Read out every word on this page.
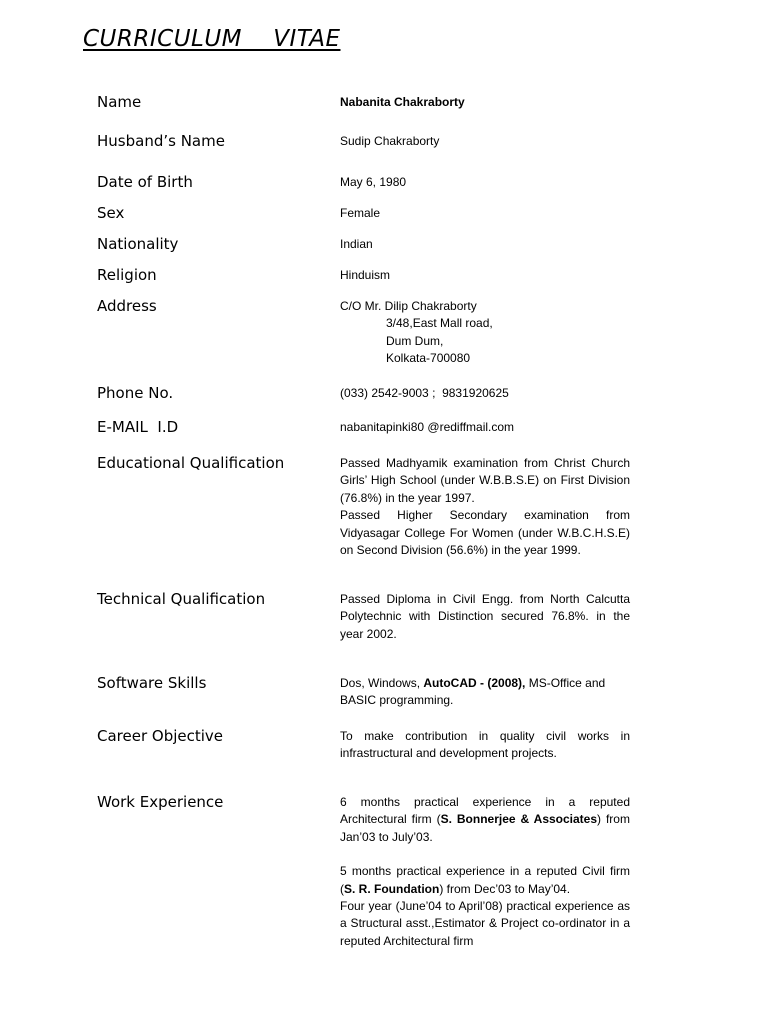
CURRICULUM    VITAE
Name	Nabanita Chakraborty
Husband’s Name	Sudip Chakraborty
Date of Birth	May 6, 1980
Sex	Female
Nationality	Indian
Religion	Hinduism
Address	C/O Mr. Dilip Chakraborty
3/48,East Mall road,
Dum Dum,
Kolkata-700080
Phone No.	(033) 2542-9003 ;  9831920625
E-MAIL  I.D	nabanitapinki80 @rediffmail.com
Educational Qualification	Passed Madhyamik examination from Christ Church Girls’ High School (under W.B.B.S.E) on First Division (76.8%) in the year 1997.

Passed Higher Secondary examination from Vidyasagar College For Women (under W.B.C.H.S.E) on Second Division (56.6%) in the year 1999.

Technical Qualification	Passed Diploma in Civil Engg. from North Calcutta Polytechnic with Distinction secured 76.8%. in the year 2002.
Software Skills	Dos, Windows, AutoCAD - (2008), MS-Office and BASIC programming.
Career Objective	To make contribution in quality civil works in infrastructural and development projects.
Work Experience	6 months practical experience in a reputed Architectural firm (S. Bonnerjee & Associates) from Jan’03 to July’03.

5 months practical experience in a reputed Civil firm (S. R. Foundation) from Dec’03 to May’04.

Four year (June’04 to April’08) practical experience as a Structural asst.,Estimator & Project co-ordinator in a reputed Architectural firm
